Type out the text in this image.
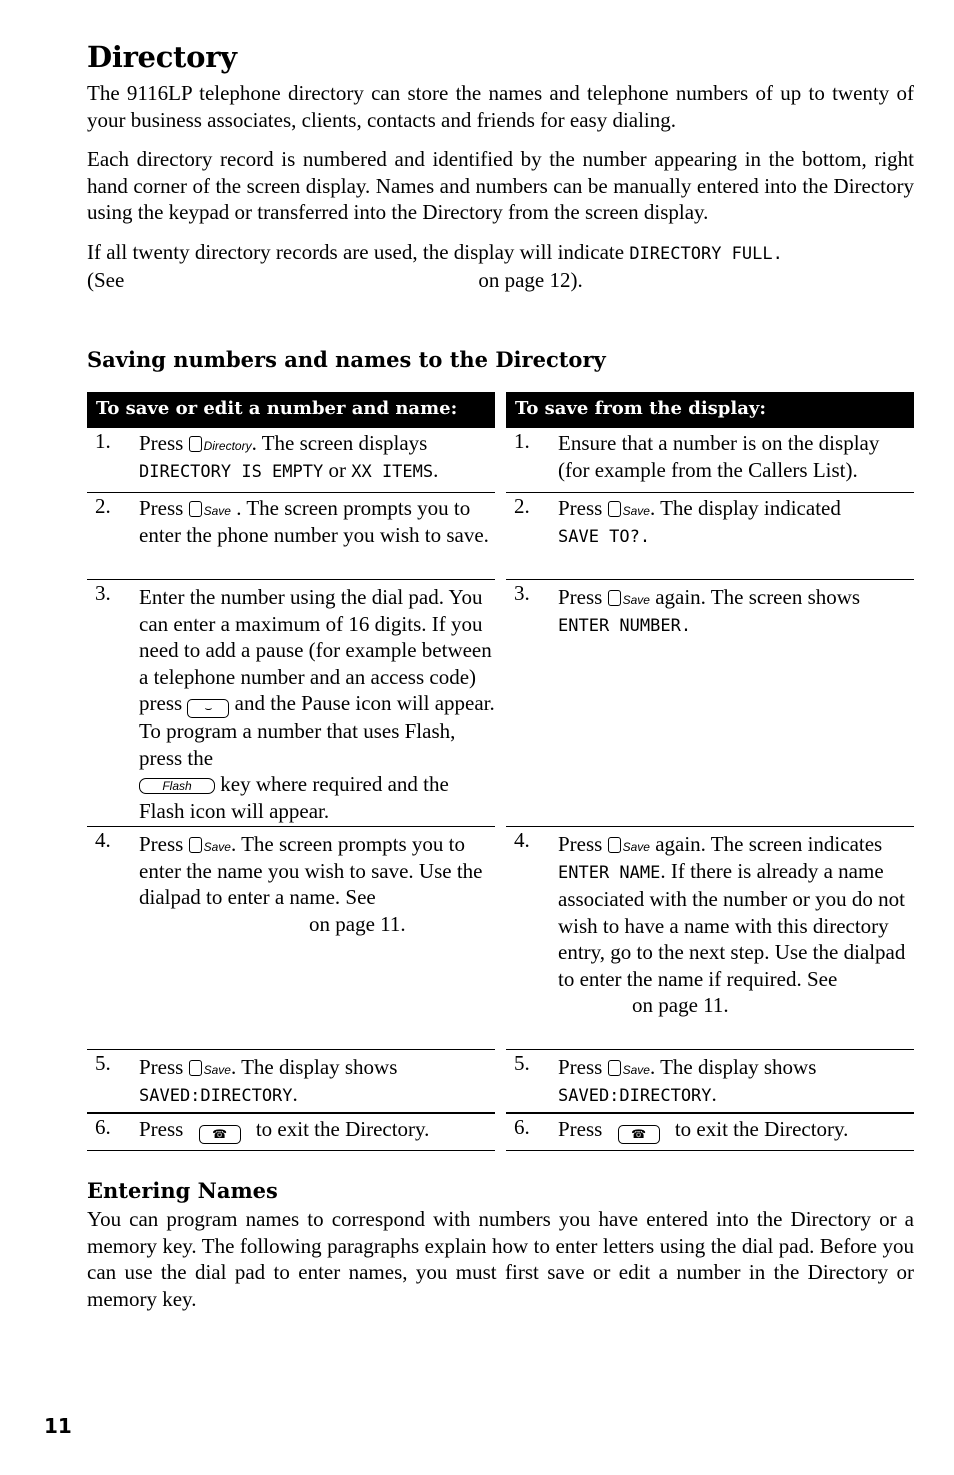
Directory

The 9116LP telephone directory can store the names and telephone numbers of up to twenty of your business associates, clients, contacts and friends for easy dialing.

Each directory record is numbered and identified by the number appearing in the bottom, right hand corner of the screen display. Names and numbers can be manually entered into the Directory using the keypad or transferred into the Directory from the screen display.

If all twenty directory records are used, the display will indicate DIRECTORY FULL.
(See	on page 12).

Saving numbers and names to the Directory
To save or edit a number and name:
1. Press Directory. The screen displays
DIRECTORY IS EMPTY or XX ITEMS.
2. Press Save . The screen prompts you to enter the phone number you wish to save.
3. Enter the number using the dial pad. You can enter a maximum of 16 digits. If you need to add a pause (for example between a telephone number and an access code) press ⌣ and the Pause icon will appear. To program a number that uses Flash, press the
Flash key where required and the Flash icon will appear.
4. Press Save. The screen prompts you to enter the name you wish to save. Use the dialpad to enter a name. See
on page 11.
5. Press Save. The display shows
SAVED:DIRECTORY.
6. Press ☎ to exit the Directory.
To save from the display:
1. Ensure that a number is on the display (for example from the Callers List).
2. Press Save. The display indicated
SAVE TO?.
3. Press Save again. The screen shows
ENTER NUMBER.
4. Press Save again. The screen indicates ENTER NAME. If there is already a name associated with the number or you do not wish to have a name with this directory entry, go to the next step. Use the dialpad to enter the name if required. See
on page 11.
5. Press Save. The display shows
SAVED:DIRECTORY.
6. Press ☎ to exit the Directory.
Entering Names

You can program names to correspond with numbers you have entered into the Directory or a memory key. The following paragraphs explain how to enter letters using the dial pad. Before you can use the dial pad to enter names, you must first save or edit a number in the Directory or memory key.

11
